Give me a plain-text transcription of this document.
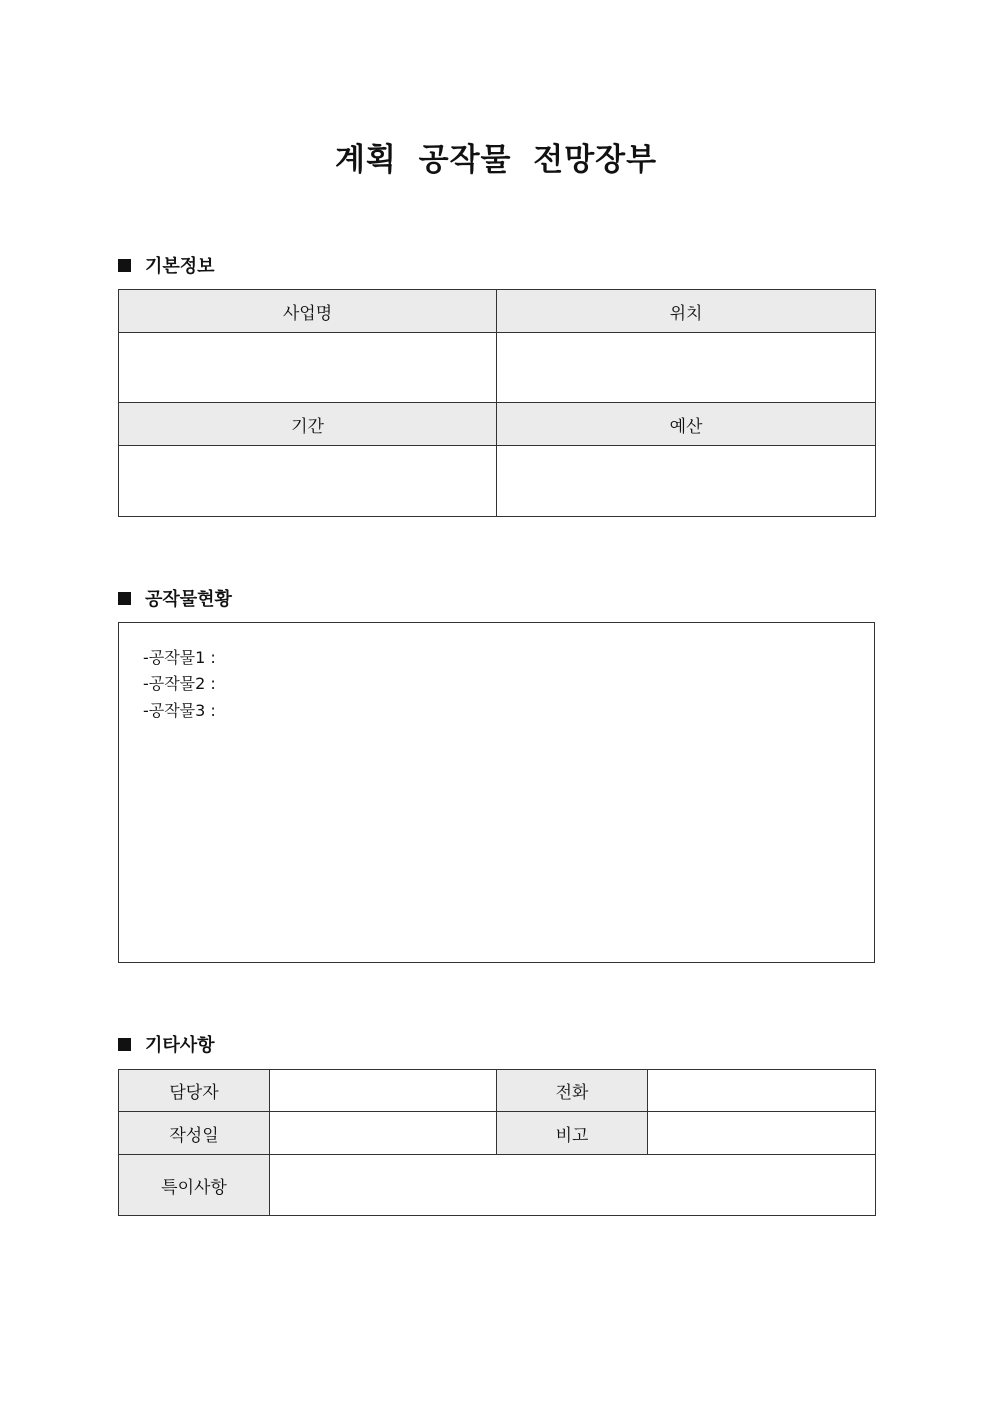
계획 공작물 전망장부
기본정보
사업명	위치

기간	예산

공작물현황
-공작물1 :
-공작물2 :
-공작물3 :
기타사항
담당자		전화	
작성일		비고	
특이사항			
